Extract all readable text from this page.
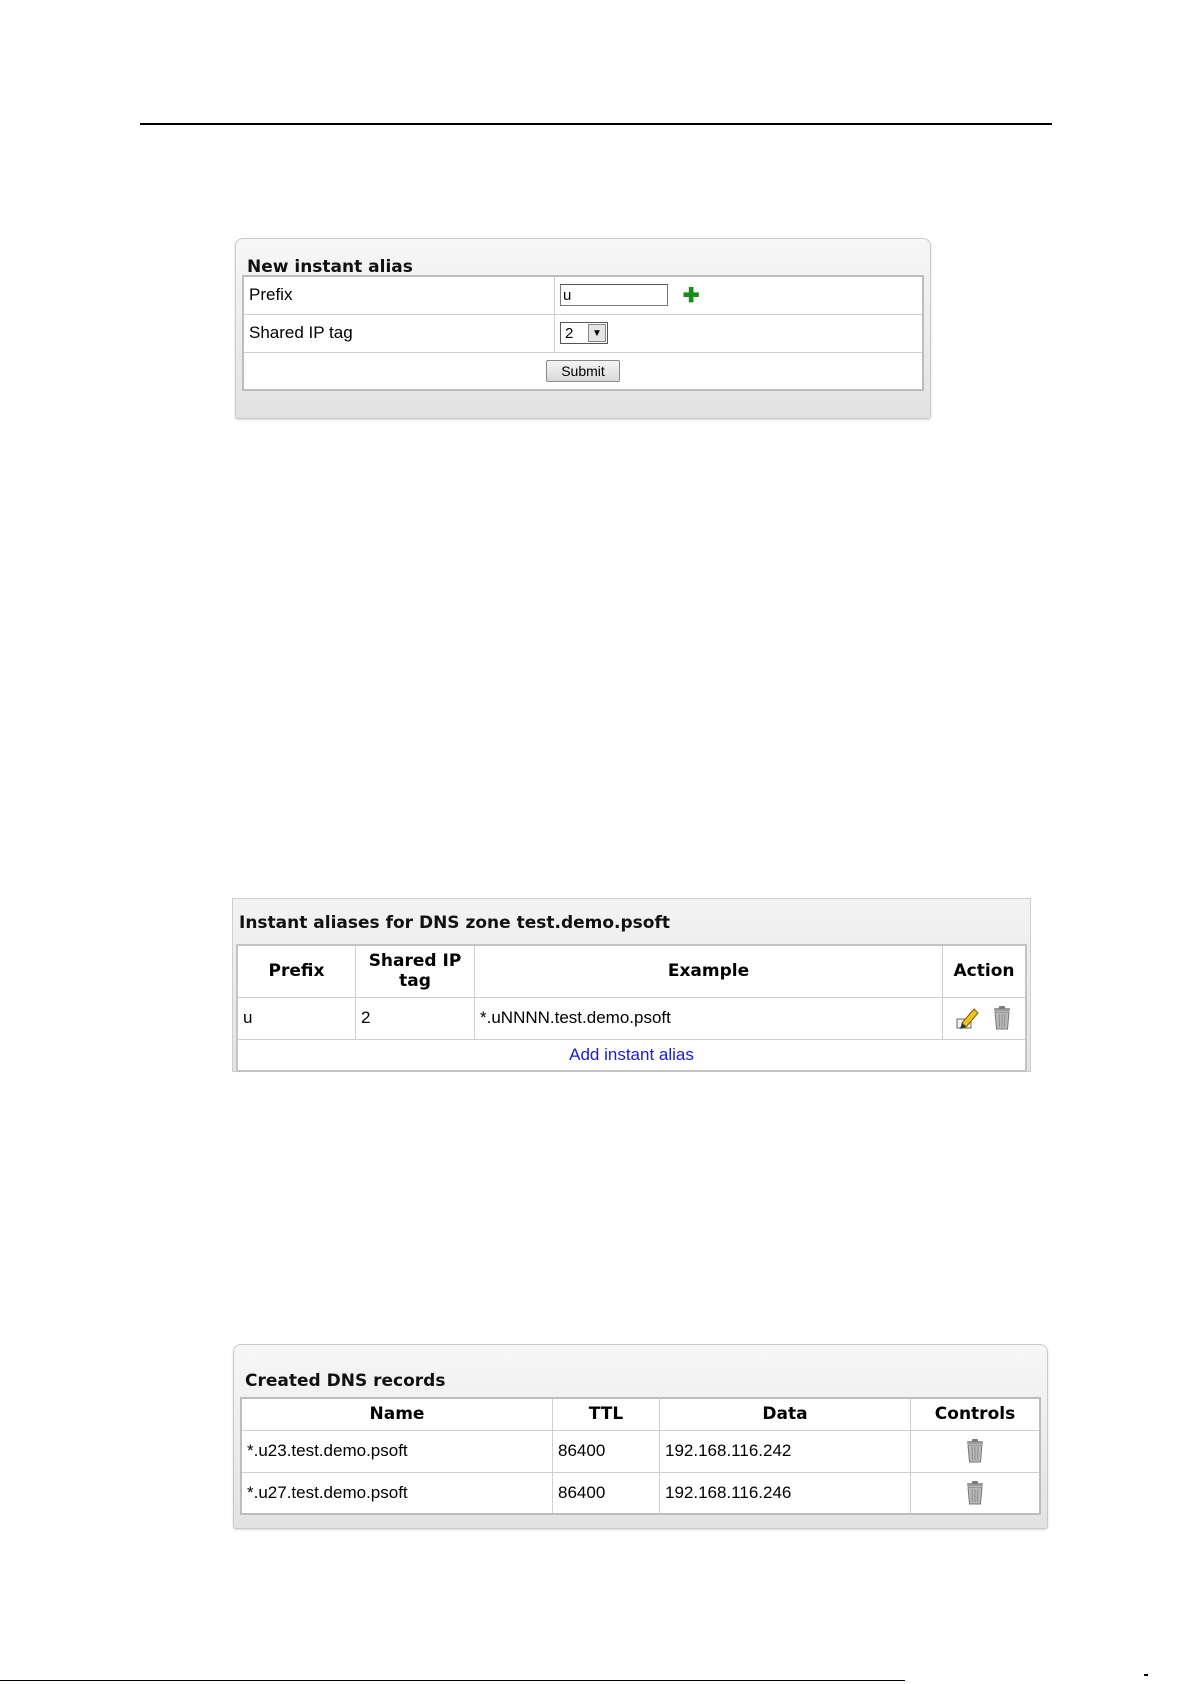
New instant alias
Prefix	u✚
Shared IP tag	2 ▼

Submit	
Instant aliases for DNS zone test.demo.psoft
Prefix	Shared IP tag	Example	Action
u	2	*.uNNNN.test.demo.psoft	
Add instant alias			
Created DNS records
Name	TTL	Data	Controls
*.u23.test.demo.psoft	86400	192.168.116.242	
*.u27.test.demo.psoft	86400	192.168.116.246	
